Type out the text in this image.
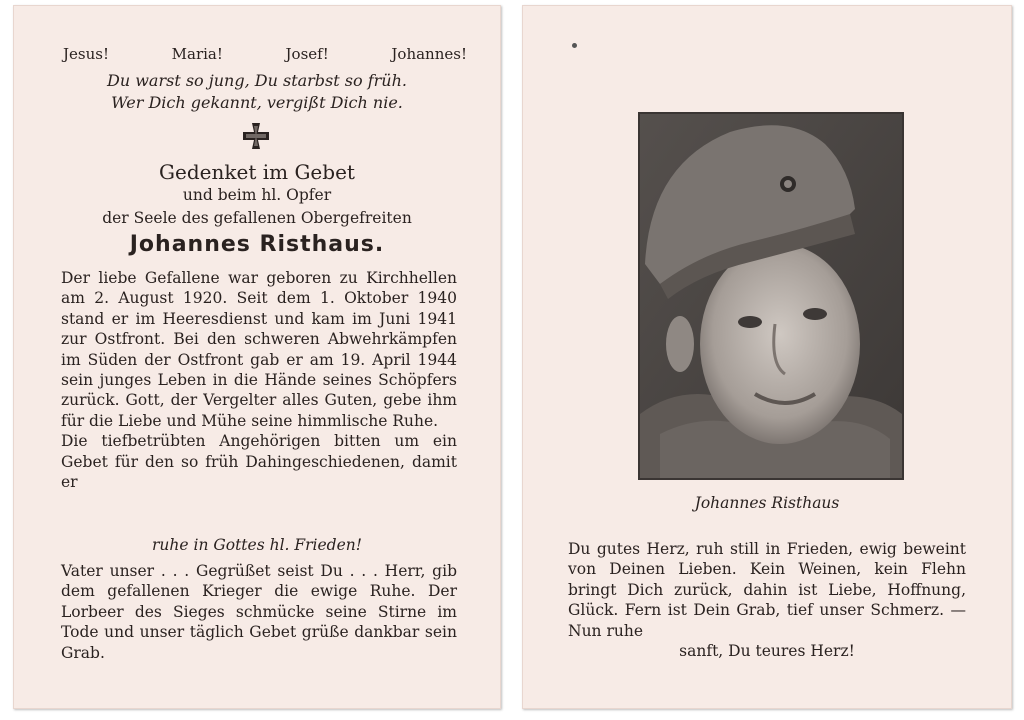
Jesus!	Maria!	Josef!	Johannes!
Du warst so jung, Du starbst so früh.
Wer Dich gekannt, vergißt Dich nie.
Gedenket im Gebet
und beim hl. Opfer
der Seele des gefallenen Obergefreiten
Johannes Risthaus.

Der liebe Gefallene war geboren zu Kirchhellen am 2. August 1920. Seit dem 1. Oktober 1940 stand er im Heeresdienst und kam im Juni 1941 zur Ostfront. Bei den schweren Abwehrkämpfen im Süden der Ostfront gab er am 19. April 1944 sein junges Leben in die Hände seines Schöpfers zurück. Gott, der Vergelter alles Guten, gebe ihm für die Liebe und Mühe seine himmlische Ruhe.
Die tiefbetrübten Angehörigen bitten um ein Gebet für den so früh Dahingeschiedenen, damit er

ruhe in Gottes hl. Frieden!

Vater unser . . . Gegrüßet seist Du . . . Herr, gib dem gefallenen Krieger die ewige Ruhe. Der Lorbeer des Sieges schmücke seine Stirne im Tode und unser täglich Gebet grüße dankbar sein Grab.

Johannes Risthaus

Du gutes Herz, ruh still in Frieden, ewig beweint von Deinen Lieben. Kein Weinen, kein Flehn bringt Dich zurück, dahin ist Liebe, Hoffnung, Glück. Fern ist Dein Grab, tief unser Schmerz. — Nun ruhe
sanft, Du teures Herz!
